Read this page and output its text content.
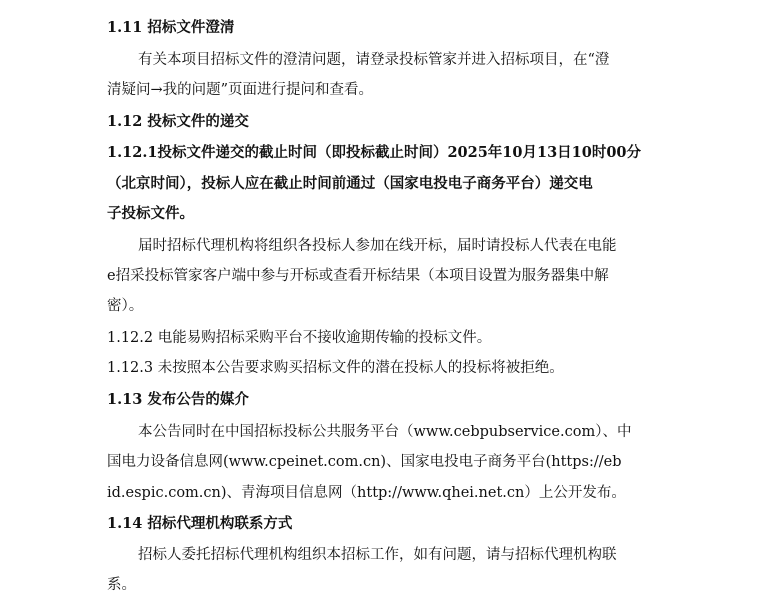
1.11 招标文件澄清
有关本项目招标文件的澄清问题，请登录投标管家并进入招标项目，在“澄
清疑问→我的问题”页面进行提问和查看。
1.12 投标文件的递交
1.12.1投标文件递交的截止时间（即投标截止时间）2025年10月13日10时00分
（北京时间），投标人应在截止时间前通过（国家电投电子商务平台）递交电
子投标文件。
届时招标代理机构将组织各投标人参加在线开标，届时请投标人代表在电能
e招采投标管家客户端中参与开标或查看开标结果（本项目设置为服务器集中解
密）。
1.12.2 电能易购招标采购平台不接收逾期传输的投标文件。
1.12.3 未按照本公告要求购买招标文件的潜在投标人的投标将被拒绝。
1.13 发布公告的媒介
本公告同时在中国招标投标公共服务平台（www.cebpubservice.com）、中
国电力设备信息网(www.cpeinet.com.cn)、国家电投电子商务平台(https://eb
id.espic.com.cn)、青海项目信息网（http://www.qhei.net.cn）上公开发布。
1.14 招标代理机构联系方式
招标人委托招标代理机构组织本招标工作，如有问题，请与招标代理机构联
系。
